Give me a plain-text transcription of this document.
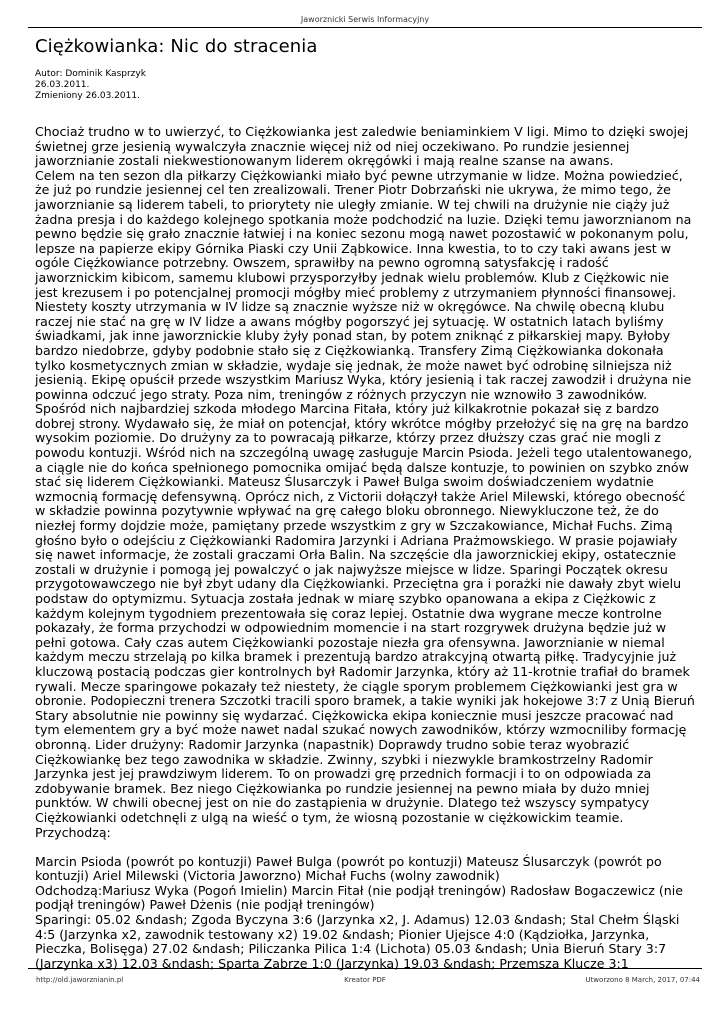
Jaworznicki Serwis Informacyjny
Ciężkowianka: Nic do stracenia
Autor: Dominik Kasprzyk
26.03.2011.
Zmieniony 26.03.2011.

Chociaż trudno w to uwierzyć, to Ciężkowianka jest zaledwie beniaminkiem V ligi. Mimo to dzięki swojej świetnej grze jesienią wywalczyła znacznie więcej niż od niej oczekiwano. Po rundzie jesiennej jaworznianie zostali niekwestionowanym liderem okręgówki i mają realne szanse na awans.

Celem na ten sezon dla piłkarzy Ciężkowianki miało być pewne utrzymanie w lidze. Można powiedzieć, że już po rundzie jesiennej cel ten zrealizowali. Trener Piotr Dobrzański nie ukrywa, że mimo tego, że jaworznianie są liderem tabeli, to priorytety nie uległy zmianie. W tej chwili na drużynie nie ciąży już żadna presja i do każdego kolejnego spotkania może podchodzić na luzie. Dzięki temu jaworznianom na pewno będzie się grało znacznie łatwiej i na koniec sezonu mogą nawet pozostawić w pokonanym polu, lepsze na papierze ekipy Górnika Piaski czy Unii Ząbkowice. Inna kwestia, to to czy taki awans jest w ogóle Ciężkowiance potrzebny. Owszem, sprawiłby na pewno ogromną satysfakcję i radość jaworznickim kibicom, samemu klubowi przysporzyłby jednak wielu problemów. Klub z Ciężkowic nie jest krezusem i po potencjalnej promocji mógłby mieć problemy z utrzymaniem płynności finansowej. Niestety koszty utrzymania w IV lidze są znacznie wyższe niż w okręgówce. Na chwilę obecną klubu raczej nie stać na grę w IV lidze a awans mógłby pogorszyć jej sytuację. W ostatnich latach byliśmy świadkami, jak inne jaworznickie kluby żyły ponad stan, by potem zniknąć z piłkarskiej mapy. Byłoby bardzo niedobrze, gdyby podobnie stało się z Ciężkowianką. Transfery Zimą Ciężkowianka dokonała tylko kosmetycznych zmian w składzie, wydaje się jednak, że może nawet być odrobinę silniejsza niż jesienią. Ekipę opuścił przede wszystkim Mariusz Wyka, który jesienią i tak raczej zawodził i drużyna nie powinna odczuć jego straty. Poza nim, treningów z różnych przyczyn nie wznowiło 3 zawodników. Spośród nich najbardziej szkoda młodego Marcina Fitała, który już kilkakrotnie pokazał się z bardzo dobrej strony. Wydawało się, że miał on potencjał, który wkrótce mógłby przełożyć się na grę na bardzo wysokim poziomie. Do drużyny za to powracają piłkarze, którzy przez dłuższy czas grać nie mogli z powodu kontuzji. Wśród nich na szczególną uwagę zasługuje Marcin Psioda. Jeżeli tego utalentowanego, a ciągle nie do końca spełnionego pomocnika omijać będą dalsze kontuzje, to powinien on szybko znów stać się liderem Ciężkowianki. Mateusz Ślusarczyk i Paweł Bulga swoim doświadczeniem wydatnie wzmocnią formację defensywną. Oprócz nich, z Victorii dołączył także Ariel Milewski, którego obecność w składzie powinna pozytywnie wpływać na grę całego bloku obronnego. Niewykluczone też, że do niezłej formy dojdzie może, pamiętany przede wszystkim z gry w Szczakowiance, Michał Fuchs. Zimą głośno było o odejściu z Ciężkowianki Radomira Jarzynki i Adriana Prażmowskiego. W prasie pojawiały się nawet informacje, że zostali graczami Orła Balin. Na szczęście dla jaworznickiej ekipy, ostatecznie zostali w drużynie i pomogą jej powalczyć o jak najwyższe miejsce w lidze. Sparingi Początek okresu przygotowawczego nie był zbyt udany dla Ciężkowianki. Przeciętna gra i porażki nie dawały zbyt wielu podstaw do optymizmu. Sytuacja została jednak w miarę szybko opanowana a ekipa z Ciężkowic z każdym kolejnym tygodniem prezentowała się coraz lepiej. Ostatnie dwa wygrane mecze kontrolne pokazały, że forma przychodzi w odpowiednim momencie i na start rozgrywek drużyna będzie już w pełni gotowa. Cały czas autem Ciężkowianki pozostaje niezła gra ofensywna. Jaworznianie w niemal każdym meczu strzelają po kilka bramek i prezentują bardzo atrakcyjną otwartą piłkę. Tradycyjnie już kluczową postacią podczas gier kontrolnych był Radomir Jarzynka, który aż 11-krotnie trafiał do bramek rywali. Mecze sparingowe pokazały też niestety, że ciągle sporym problemem Ciężkowianki jest gra w obronie. Podopieczni trenera Szczotki tracili sporo bramek, a takie wyniki jak hokejowe 3:7 z Unią Bieruń Stary absolutnie nie powinny się wydarzać. Ciężkowicka ekipa koniecznie musi jeszcze pracować nad tym elementem gry a być może nawet nadal szukać nowych zawodników, którzy wzmocniliby formację obronną. Lider drużyny: Radomir Jarzynka (napastnik) Doprawdy trudno sobie teraz wyobrazić Ciężkowiankę bez tego zawodnika w składzie. Zwinny, szybki i niezwykle bramkostrzelny Radomir Jarzynka jest jej prawdziwym liderem. To on prowadzi grę przednich formacji i to on odpowiada za zdobywanie bramek. Bez niego Ciężkowianka po rundzie jesiennej na pewno miała by dużo mniej punktów. W chwili obecnej jest on nie do zastąpienia w drużynie. Dlatego też wszyscy sympatycy Ciężkowianki odetchnęli z ulgą na wieść o tym, że wiosną pozostanie w ciężkowickim teamie. Przychodzą:

Marcin Psioda (powrót po kontuzji) Paweł Bulga (powrót po kontuzji) Mateusz Ślusarczyk (powrót po kontuzji) Ariel Milewski (Victoria Jaworzno) Michał Fuchs (wolny zawodnik)

Odchodzą:Mariusz Wyka (Pogoń Imielin) Marcin Fitał (nie podjął treningów) Radosław Bogaczewicz (nie podjął treningów) Paweł Dżenis (nie podjął treningów)

Sparingi: 05.02 &ndash; Zgoda Byczyna 3:6 (Jarzynka x2, J. Adamus) 12.03 &ndash; Stal Chełm Śląski 4:5 (Jarzynka x2, zawodnik testowany x2) 19.02 &ndash; Pionier Ujejsce 4:0 (Kądziołka, Jarzynka, Pieczka, Bolisęga) 27.02 &ndash; Piliczanka Pilica 1:4 (Lichota) 05.03 &ndash; Unia Bieruń Stary 3:7 (Jarzynka x3) 12.03 &ndash; Sparta Zabrze 1:0 (Jarzynka) 19.03 &ndash; Przemsza Klucze 3:1

http://old.jaworznianin.pl	Kreator PDF	Utworzono 8 March, 2017, 07:44
